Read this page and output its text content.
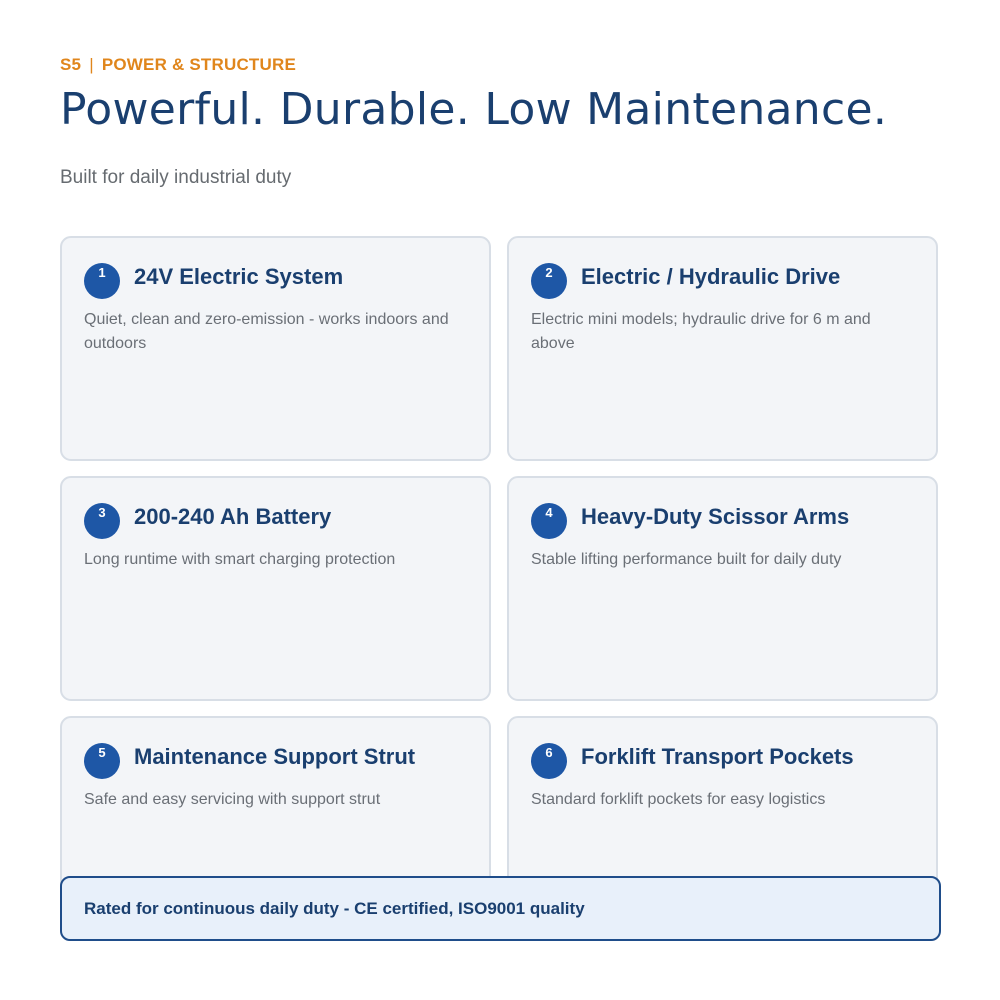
S5 | POWER & STRUCTURE
Powerful. Durable. Low Maintenance.
Built for daily industrial duty
1	24V Electric System
Quiet, clean and zero-emission - works indoors and outdoors
2	Electric / Hydraulic Drive
Electric mini models; hydraulic drive for 6 m and above
3	200-240 Ah Battery
Long runtime with smart charging protection
4	Heavy-Duty Scissor Arms
Stable lifting performance built for daily duty
5	Maintenance Support Strut
Safe and easy servicing with support strut
6	Forklift Transport Pockets
Standard forklift pockets for easy logistics
Rated for continuous daily duty - CE certified, ISO9001 quality
